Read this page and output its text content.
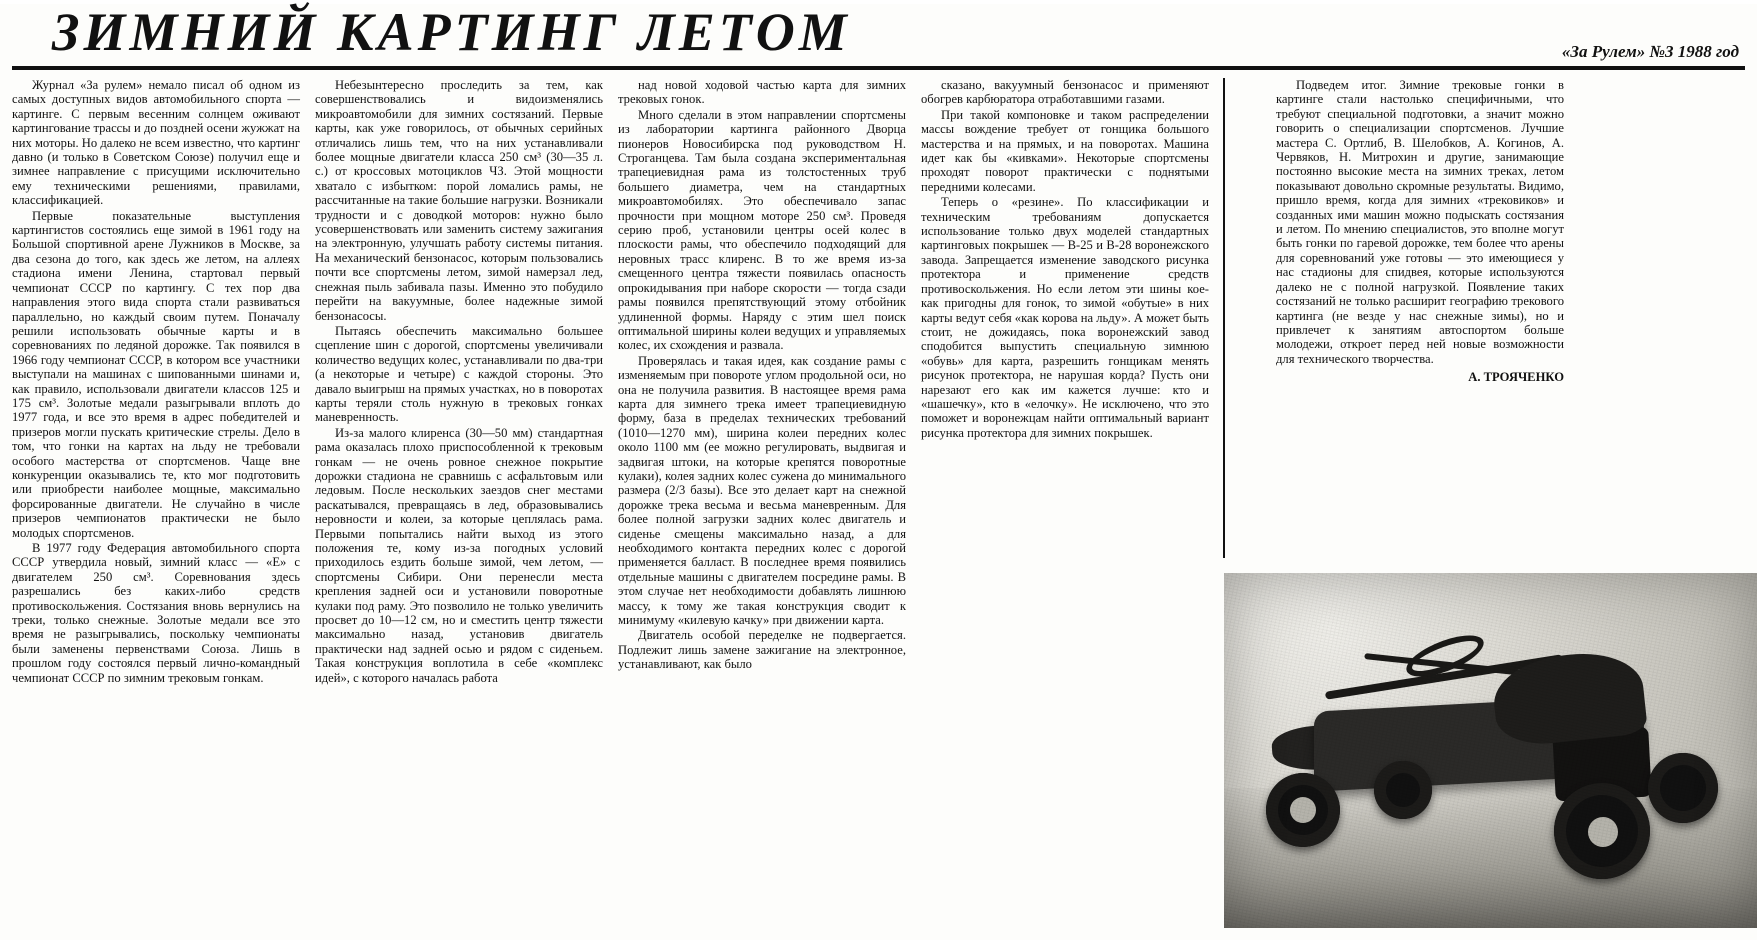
ЗИМНИЙ КАРТИНГ ЛЕТОМ	«За Рулем» №3 1988 год

Журнал «За рулем» немало писал об одном из самых доступных видов автомобильного спорта — картинге. С первым весенним солнцем оживают картингование трассы и до поздней осени жужжат на них моторы. Но далеко не всем известно, что картинг давно (и только в Советском Союзе) получил еще и зимнее направление с присущими исключительно ему техническими решениями, правилами, классификацией.

Первые показательные выступления картингистов состоялись еще зимой в 1961 году на Большой спортивной арене Лужников в Москве, за два сезона до того, как здесь же летом, на аллеях стадиона имени Ленина, стартовал первый чемпионат СССР по картингу. С тех пор два направления этого вида спорта стали развиваться параллельно, но каждый своим путем. Поначалу решили использовать обычные карты и в соревнованиях по ледяной дорожке. Так появился в 1966 году чемпионат СССР, в котором все участники выступали на машинах с шипованными шинами и, как правило, использовали двигатели классов 125 и 175 см³. Золотые медали разыгрывали вплоть до 1977 года, и все это время в адрес победителей и призеров могли пускать критические стрелы. Дело в том, что гонки на картах на льду не требовали особого мастерства от спортсменов. Чаще вне конкуренции оказывались те, кто мог подготовить или приобрести наиболее мощные, максимально форсированные двигатели. Не случайно в числе призеров чемпионатов практически не было молодых спортсменов.

В 1977 году Федерация автомобильного спорта СССР утвердила новый, зимний класс — «Е» с двигателем 250 см³. Соревнования здесь разрешались без каких-либо средств противоскольжения. Состязания вновь вернулись на треки, только снежные. Золотые медали все это время не разыгрывались, поскольку чемпионаты были заменены первенствами Союза. Лишь в прошлом году состоялся первый лично-командный чемпионат СССР по зимним трековым гонкам.

Небезынтересно проследить за тем, как совершенствовались и видоизменялись микроавтомобили для зимних состязаний. Первые карты, как уже говорилось, от обычных серийных отличались лишь тем, что на них устанавливали более мощные двигатели класса 250 см³ (30—35 л. с.) от кроссовых мотоциклов ЧЗ. Этой мощности хватало с избытком: порой ломались рамы, не рассчитанные на такие большие нагрузки. Возникали трудности и с доводкой моторов: нужно было усовершенствовать или заменить систему зажигания на электронную, улучшать работу системы питания. На механический бензонасос, которым пользовались почти все спортсмены летом, зимой намерзал лед, снежная пыль забивала пазы. Именно это побудило перейти на вакуумные, более надежные зимой бензонасосы.

Пытаясь обеспечить максимально большее сцепление шин с дорогой, спортсмены увеличивали количество ведущих колес, устанавливали по два-три (а некоторые и четыре) с каждой стороны. Это давало выигрыш на прямых участках, но в поворотах карты теряли столь нужную в трековых гонках маневренность.

Из-за малого клиренса (30—50 мм) стандартная рама оказалась плохо приспособленной к трековым гонкам — не очень ровное снежное покрытие дорожки стадиона не сравнишь с асфальтовым или ледовым. После нескольких заездов снег местами раскатывался, превращаясь в лед, образовывались неровности и колеи, за которые цеплялась рама. Первыми попытались найти выход из этого положения те, кому из-за погодных условий приходилось ездить больше зимой, чем летом, — спортсмены Сибири. Они перенесли места крепления задней оси и установили поворотные кулаки под раму. Это позволило не только увеличить просвет до 10—12 см, но и сместить центр тяжести максимально назад, установив двигатель практически над задней осью и рядом с сиденьем. Такая конструкция воплотила в себе «комплекс идей», с которого началась работа

над новой ходовой частью карта для зимних трековых гонок.

Много сделали в этом направлении спортсмены из лаборатории картинга районного Дворца пионеров Новосибирска под руководством Н. Строганцева. Там была создана экспериментальная трапециевидная рама из толстостенных труб большего диаметра, чем на стандартных микроавтомобилях. Это обеспечивало запас прочности при мощном моторе 250 см³. Проведя серию проб, установили центры осей колес в плоскости рамы, что обеспечило подходящий для неровных трасс клиренс. В то же время из-за смещенного центра тяжести появилась опасность опрокидывания при наборе скорости — тогда сзади рамы появился препятствующий этому отбойник удлиненной формы. Наряду с этим шел поиск оптимальной ширины колеи ведущих и управляемых колес, их схождения и развала.

Проверялась и такая идея, как создание рамы с изменяемым при повороте углом продольной оси, но она не получила развития. В настоящее время рама карта для зимнего трека имеет трапециевидную форму, база в пределах технических требований (1010—1270 мм), ширина колеи передних колес около 1100 мм (ее можно регулировать, выдвигая и задвигая штоки, на которые крепятся поворотные кулаки), колея задних колес сужена до минимального размера (2/3 базы). Все это делает карт на снежной дорожке трека весьма и весьма маневренным. Для более полной загрузки задних колес двигатель и сиденье смещены максимально назад, а для необходимого контакта передних колес с дорогой применяется балласт. В последнее время появились отдельные машины с двигателем посредине рамы. В этом случае нет необходимости добавлять лишнюю массу, к тому же такая конструкция сводит к минимуму «килевую качку» при движении карта.

Двигатель особой переделке не подвергается. Подлежит лишь замене зажигание на электронное, устанавливают, как было

сказано, вакуумный бензонасос и применяют обогрев карбюратора отработавшими газами.

При такой компоновке и таком распределении массы вождение требует от гонщика большого мастерства и на прямых, и на поворотах. Машина идет как бы «кивками». Некоторые спортсмены проходят поворот практически с поднятыми передними колесами.

Теперь о «резине». По классификации и техническим требованиям допускается использование только двух моделей стандартных картинговых покрышек — В-25 и В-28 воронежского завода. Запрещается изменение заводского рисунка протектора и применение средств противоскольжения. Но если летом эти шины кое-как пригодны для гонок, то зимой «обутые» в них карты ведут себя «как корова на льду». А может быть стоит, не дожидаясь, пока воронежский завод сподобится выпустить специальную зимнюю «обувь» для карта, разрешить гонщикам менять рисунок протектора, не нарушая корда? Пусть они нарезают его как им кажется лучше: кто и «шашечку», кто в «елочку». Не исключено, что это поможет и воронежцам найти оптимальный вариант рисунка протектора для зимних покрышек.

Подведем итог. Зимние трековые гонки в картинге стали настолько специфичными, что требуют специальной подготовки, а значит можно говорить о специализации спортсменов. Лучшие мастера С. Ортлиб, В. Шелобков, А. Когинов, А. Червяков, Н. Митрохин и другие, занимающие постоянно высокие места на зимних треках, летом показывают довольно скромные результаты. Видимо, пришло время, когда для зимних «трековиков» и созданных ими машин можно подыскать состязания и летом. По мнению специалистов, это вполне могут быть гонки по гаревой дорожке, тем более что арены для соревнований уже готовы — это имеющиеся у нас стадионы для спидвея, которые используются далеко не с полной нагрузкой. Появление таких состязаний не только расширит географию трекового картинга (не везде у нас снежные зимы), но и привлечет к занятиям автоспортом больше молодежи, откроет перед ней новые возможности для технического творчества.

А. ТРОЯЧЕНКО
